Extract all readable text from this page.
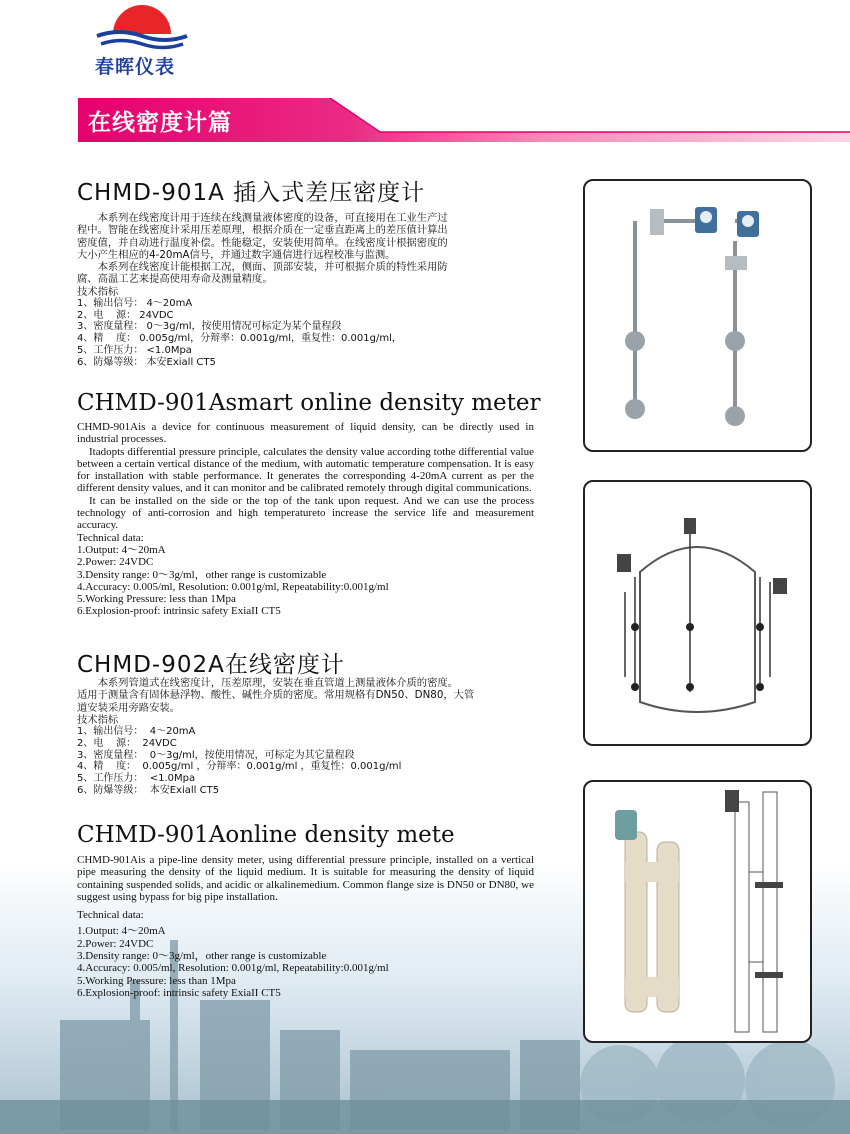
春晖仪表
在线密度计篇
CHMD-901A 插入式差压密度计
　　本系列在线密度计用于连续在线测量液体密度的设备，可直接用在工业生产过
程中。智能在线密度计采用压差原理，根据介质在一定垂直距离上的差压值计算出
密度值，并自动进行温度补偿。性能稳定，安装使用简单。在线密度计根据密度的
大小产生相应的4-20mA信号，并通过数字通信进行远程校准与监测。
　　本系列在线密度计能根据工况，侧面、顶部安装，并可根据介质的特性采用防
腐、高温工艺来提高使用寿命及测量精度。
技术指标
1、输出信号： 4～20mA
2、电    源： 24VDC
3、密度量程： 0～3g/ml，按使用情况可标定为某个量程段
4、精    度： 0.005g/ml，分辩率：0.001g/ml，重复性：0.001g/ml，
5、工作压力： <1.0Mpa
6、防爆等级： 本安Exiall CT5
CHMD-901Asmart online density meter

CHMD-901Ais a device for continuous measurement of liquid density, can be directly used in industrial processes.

Itadopts differential pressure principle, calculates the density value according tothe differential value between a certain vertical distance of the medium, with automatic temperature compensation. It is easy for installation with stable performance. It generates the corresponding 4-20mA current as per the different density values, and it can monitor and be calibrated remotely through digital communications.

It can be installed on the side or the top of the tank upon request. And we can use the process technology of anti-corrosion and high temperatureto increase the service life and measurement accuracy.

Technical data:
1.Output: 4～20mA
2.Power: 24VDC
3.Density range: 0～3g/ml，other range is customizable
4.Accuracy: 0.005/ml, Resolution: 0.001g/ml, Repeatability:0.001g/ml
5.Working Pressure: less than 1Mpa
6.Explosion-proof: intrinsic safety ExiaII CT5
CHMD-902A在线密度计
　　本系列管道式在线密度计，压差原理，安装在垂直管道上测量液体介质的密度。
适用于测量含有固体悬浮物、酸性、碱性介质的密度。常用规格有DN50、DN80，大管
道安装采用旁路安装。
技术指标
1、输出信号：  4～20mA
2、电    源：  24VDC
3、密度量程：  0～3g/ml，按使用情况，可标定为其它量程段
4、精    度：  0.005g/ml ，分辩率：0.001g/ml ，重复性：0.001g/ml
5、工作压力：  <1.0Mpa
6、防爆等级：  本安Exiall CT5
CHMD-901Aonline density mete

CHMD-901Ais a pipe-line density meter, using differential pressure principle, installed on a vertical pipe measuring the density of the liquid medium. It is suitable for measuring the density of liquid containing suspended solids, and acidic or alkalinemedium. Common flange size is DN50 or DN80, we suggest using bypass for big pipe installation.

Technical data:
1.Output: 4～20mA
2.Power: 24VDC
3.Density range: 0～3g/ml，other range is customizable
4.Accuracy: 0.005/ml, Resolution: 0.001g/ml, Repeatability:0.001g/ml
5.Working Pressure: less than 1Mpa
6.Explosion-proof: intrinsic safety ExiaII CT5
